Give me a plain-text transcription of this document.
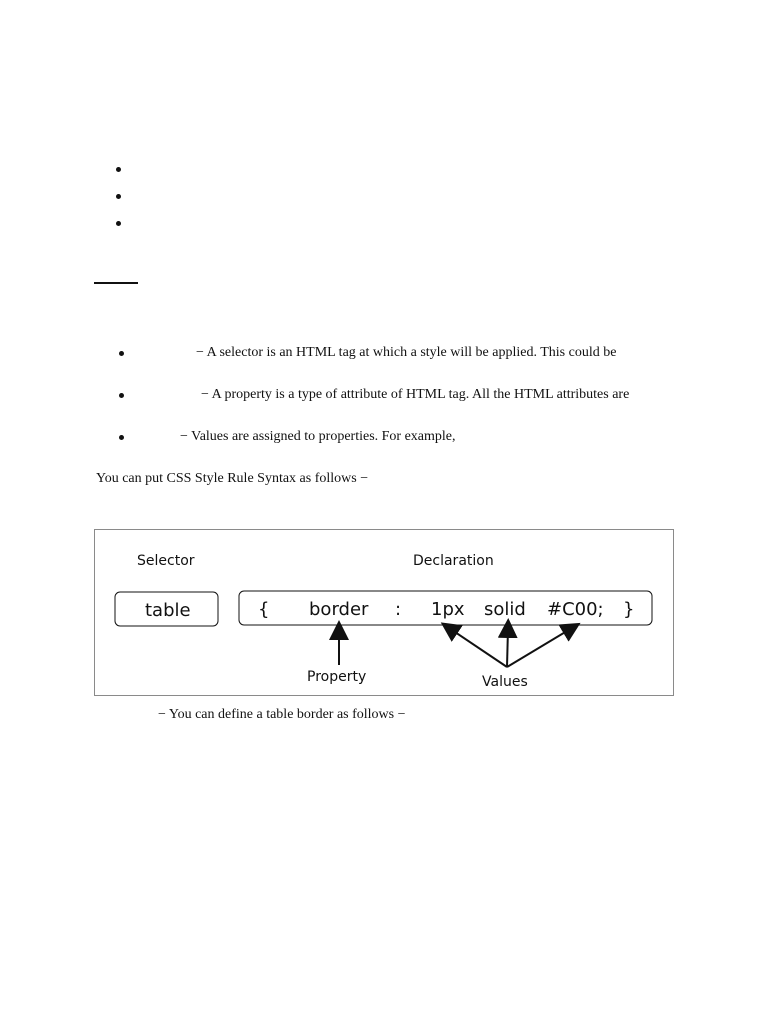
− A selector is an HTML tag at which a style will be applied. This could be
− A property is a type of attribute of HTML tag. All the HTML attributes are
− Values are assigned to properties. For example,
You can put CSS Style Rule Syntax as follows −
Selector	Declaration
table	{ border : 1px solid #C00; }
Property	Values
− You can define a table border as follows −
